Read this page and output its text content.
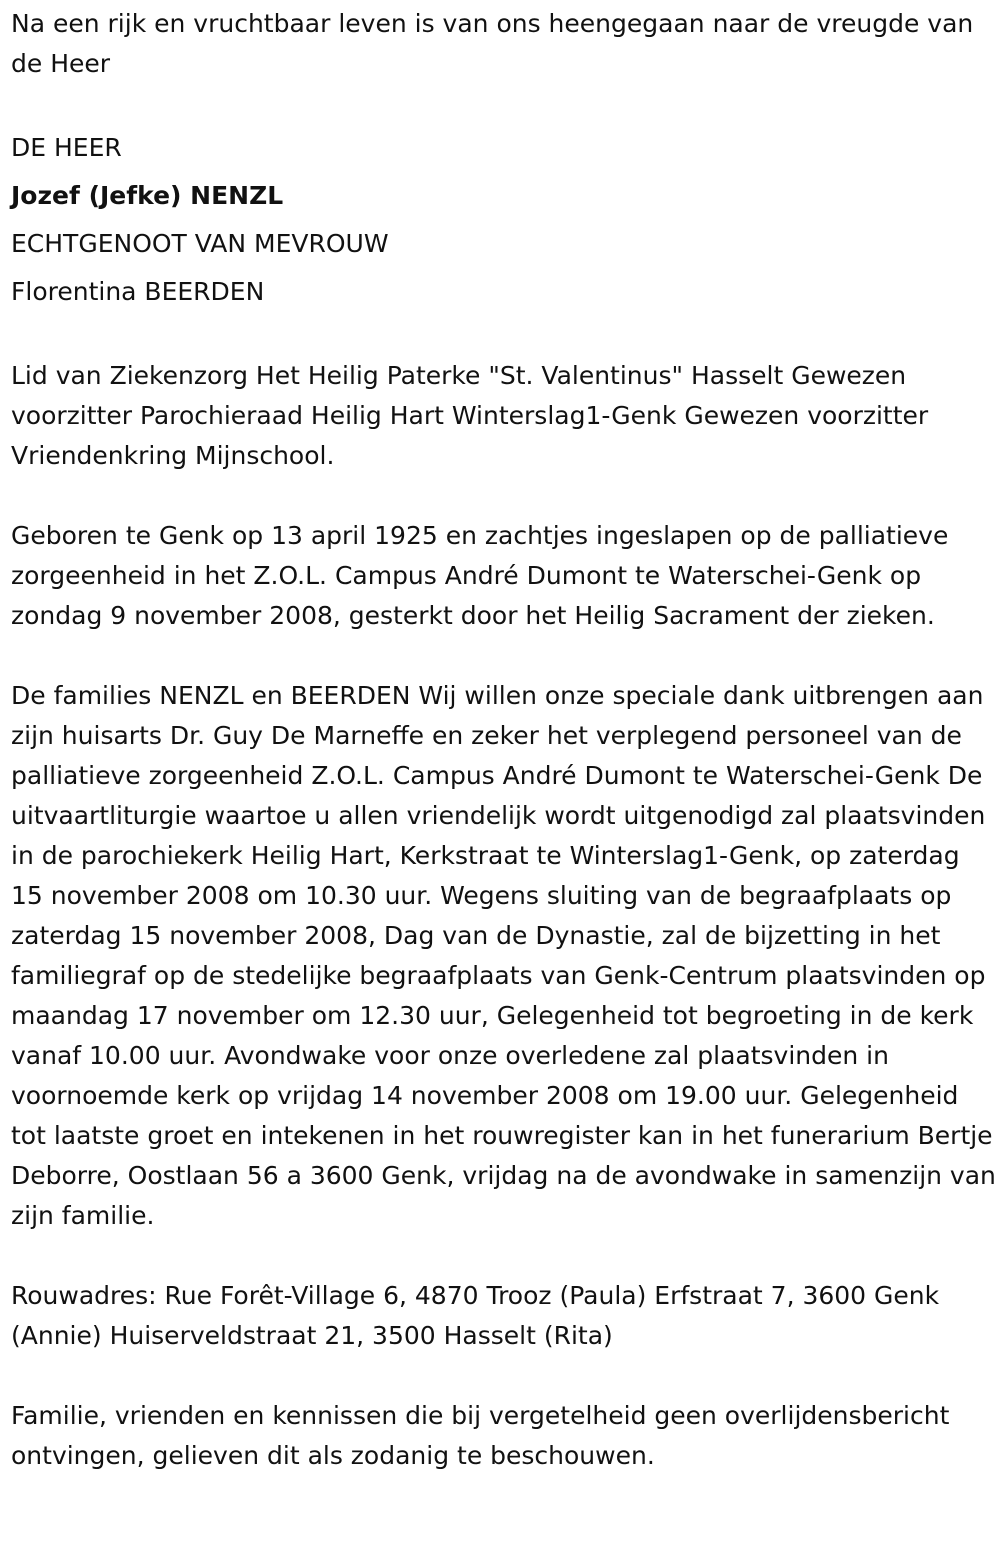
Na een rijk en vruchtbaar leven is van ons heengegaan naar de vreugde van de Heer

DE HEER

Jozef (Jefke) NENZL

ECHTGENOOT VAN MEVROUW

Florentina BEERDEN

Lid van Ziekenzorg Het Heilig Paterke "St. Valentinus" Hasselt Gewezen voorzitter Parochieraad Heilig Hart Winterslag1-Genk Gewezen voorzitter Vriendenkring Mijnschool.

Geboren te Genk op 13 april 1925 en zachtjes ingeslapen op de palliatieve zorgeenheid in het Z.O.L. Campus André Dumont te Waterschei-Genk op zondag 9 november 2008, gesterkt door het Heilig Sacrament der zieken.

De families NENZL en BEERDEN Wij willen onze speciale dank uitbrengen aan zijn huisarts Dr. Guy De Marneffe en zeker het verplegend personeel van de palliatieve zorgeenheid Z.O.L. Campus André Dumont te Waterschei-Genk De uitvaartliturgie waartoe u allen vriendelijk wordt uitgenodigd zal plaatsvinden in de parochiekerk Heilig Hart, Kerkstraat te Winterslag1-Genk, op zaterdag 15 november 2008 om 10.30 uur. Wegens sluiting van de begraafplaats op zaterdag 15 november 2008, Dag van de Dynastie, zal de bijzetting in het familiegraf op de stedelijke begraafplaats van Genk-Centrum plaatsvinden op maandag 17 november om 12.30 uur, Gelegenheid tot begroeting in de kerk vanaf 10.00 uur. Avondwake voor onze overledene zal plaatsvinden in voornoemde kerk op vrijdag 14 november 2008 om 19.00 uur. Gelegenheid tot laatste groet en intekenen in het rouwregister kan in het funerarium Bertje Deborre, Oostlaan 56 a 3600 Genk, vrijdag na de avondwake in samenzijn van zijn familie.

Rouwadres: Rue Forêt-Village 6, 4870 Trooz (Paula) Erfstraat 7, 3600 Genk (Annie) Huiserveldstraat 21, 3500 Hasselt (Rita)

Familie, vrienden en kennissen die bij vergetelheid geen overlijdensbericht ontvingen, gelieven dit als zodanig te beschouwen.
